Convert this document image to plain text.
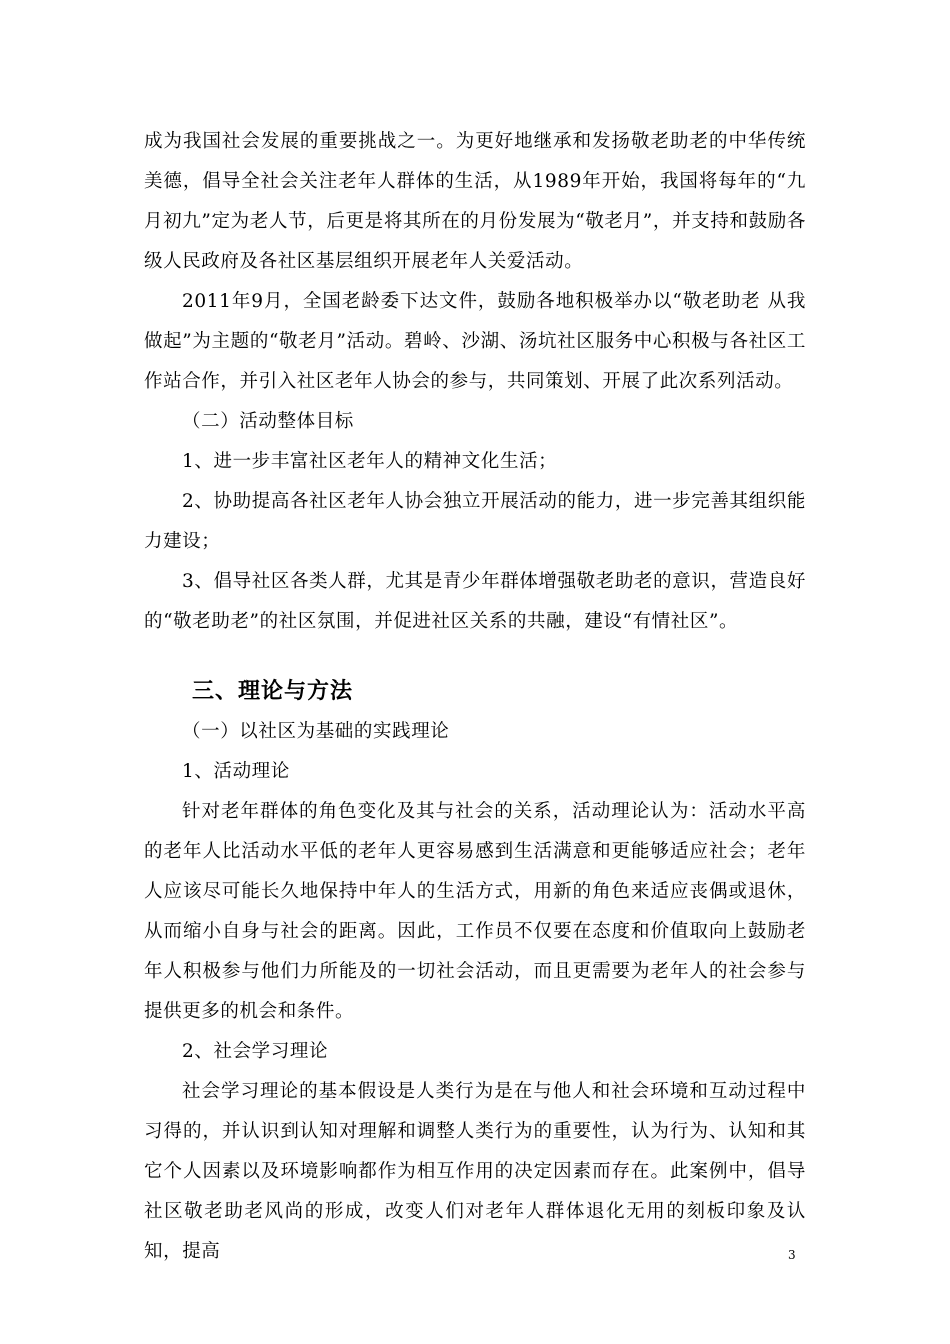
成为我国社会发展的重要挑战之一。为更好地继承和发扬敬老助老的中华传统美德，倡导全社会关注老年人群体的生活，从1989年开始，我国将每年的“九月初九”定为老人节，后更是将其所在的月份发展为“敬老月”，并支持和鼓励各级人民政府及各社区基层组织开展老年人关爱活动。

2011年9月，全国老龄委下达文件，鼓励各地积极举办以“敬老助老 从我做起”为主题的“敬老月”活动。碧岭、沙湖、汤坑社区服务中心积极与各社区工作站合作，并引入社区老年人协会的参与，共同策划、开展了此次系列活动。

（二）活动整体目标

1、进一步丰富社区老年人的精神文化生活；

2、协助提高各社区老年人协会独立开展活动的能力，进一步完善其组织能力建设；

3、倡导社区各类人群，尤其是青少年群体增强敬老助老的意识，营造良好的“敬老助老”的社区氛围，并促进社区关系的共融，建设“有情社区”。

三、理论与方法

（一）以社区为基础的实践理论

1、活动理论

针对老年群体的角色变化及其与社会的关系，活动理论认为：活动水平高的老年人比活动水平低的老年人更容易感到生活满意和更能够适应社会；老年人应该尽可能长久地保持中年人的生活方式，用新的角色来适应丧偶或退休，从而缩小自身与社会的距离。因此，工作员不仅要在态度和价值取向上鼓励老年人积极参与他们力所能及的一切社会活动，而且更需要为老年人的社会参与提供更多的机会和条件。

2、社会学习理论

社会学习理论的基本假设是人类行为是在与他人和社会环境和互动过程中习得的，并认识到认知对理解和调整人类行为的重要性，认为行为、认知和其它个人因素以及环境影响都作为相互作用的决定因素而存在。此案例中，倡导社区敬老助老风尚的形成，改变人们对老年人群体退化无用的刻板印象及认知，提高	3
